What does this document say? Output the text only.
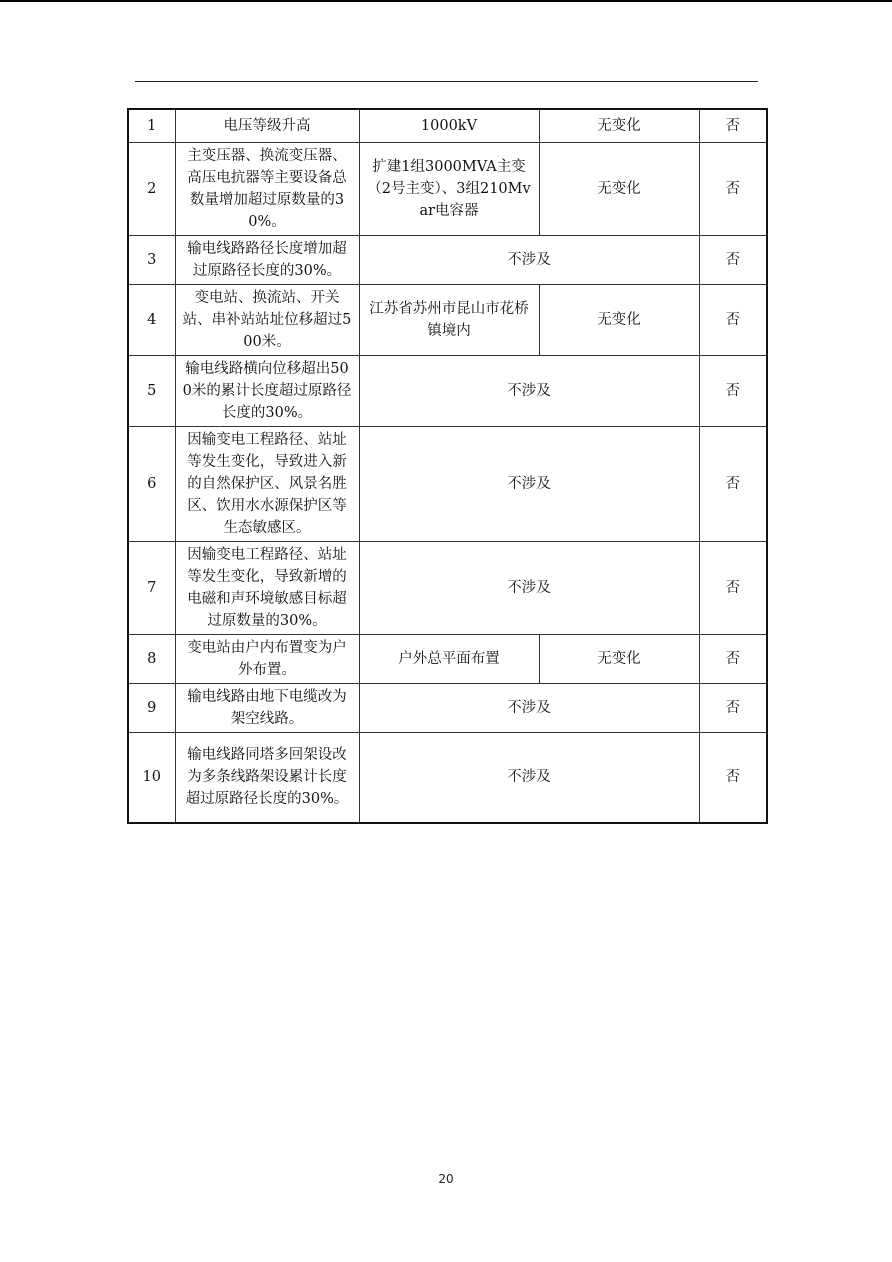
1	电压等级升高	1000kV	无变化	否
2	主变压器、换流变压器、高压电抗器等主要设备总数量增加超过原数量的30%。	扩建1组3000MVA主变（2号主变）、3组210Mvar电容器	无变化	否
3	输电线路路径长度增加超过原路径长度的30%。	不涉及		否
4	变电站、换流站、开关站、串补站站址位移超过500米。	江苏省苏州市昆山市花桥镇境内	无变化	否
5	输电线路横向位移超出500米的累计长度超过原路径长度的30%。	不涉及		否
6	因输变电工程路径、站址等发生变化，导致进入新的自然保护区、风景名胜区、饮用水水源保护区等生态敏感区。	不涉及		否
7	因输变电工程路径、站址等发生变化，导致新增的电磁和声环境敏感目标超过原数量的30%。	不涉及		否
8	变电站由户内布置变为户外布置。	户外总平面布置	无变化	否
9	输电线路由地下电缆改为架空线路。	不涉及		否
10	输电线路同塔多回架设改为多条线路架设累计长度超过原路径长度的30%。	不涉及		否
20
